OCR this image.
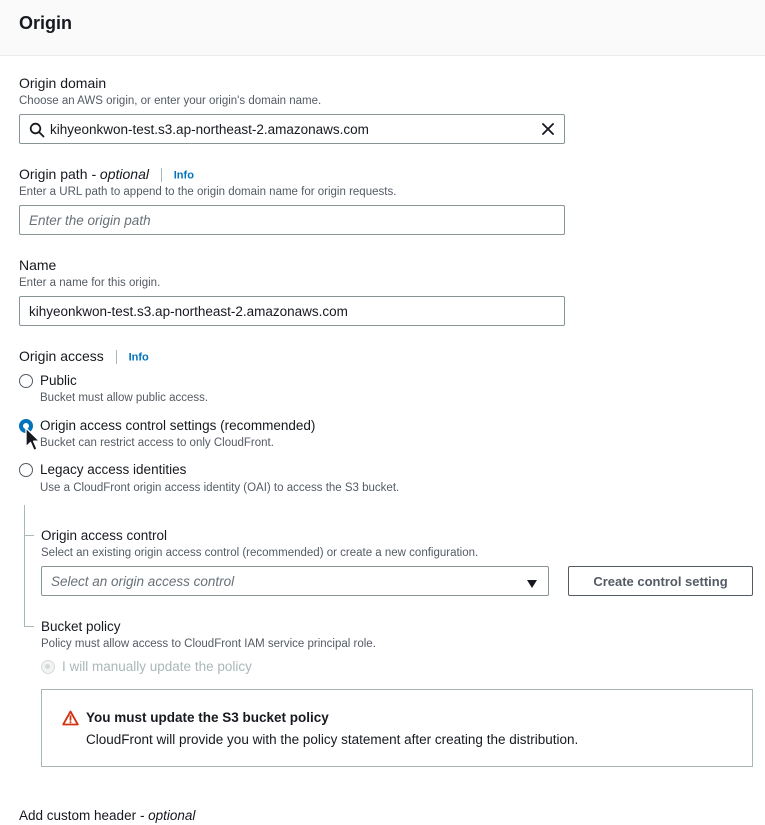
Origin
Origin domain
Choose an AWS origin, or enter your origin's domain name.
kihyeonkwon-test.s3.ap-northeast-2.amazonaws.com
Origin path - optional Info
Enter a URL path to append to the origin domain name for origin requests.
Enter the origin path
Name
Enter a name for this origin.
kihyeonkwon-test.s3.ap-northeast-2.amazonaws.com
Origin access Info
Public
Bucket must allow public access.
Origin access control settings (recommended)
Bucket can restrict access to only CloudFront.
Legacy access identities
Use a CloudFront origin access identity (OAI) to access the S3 bucket.
Origin access control
Select an existing origin access control (recommended) or create a new configuration.
Select an origin access control	Create control setting
Bucket policy
Policy must allow access to CloudFront IAM service principal role.
I will manually update the policy
You must update the S3 bucket policy
CloudFront will provide you with the policy statement after creating the distribution.
Add custom header - optional
